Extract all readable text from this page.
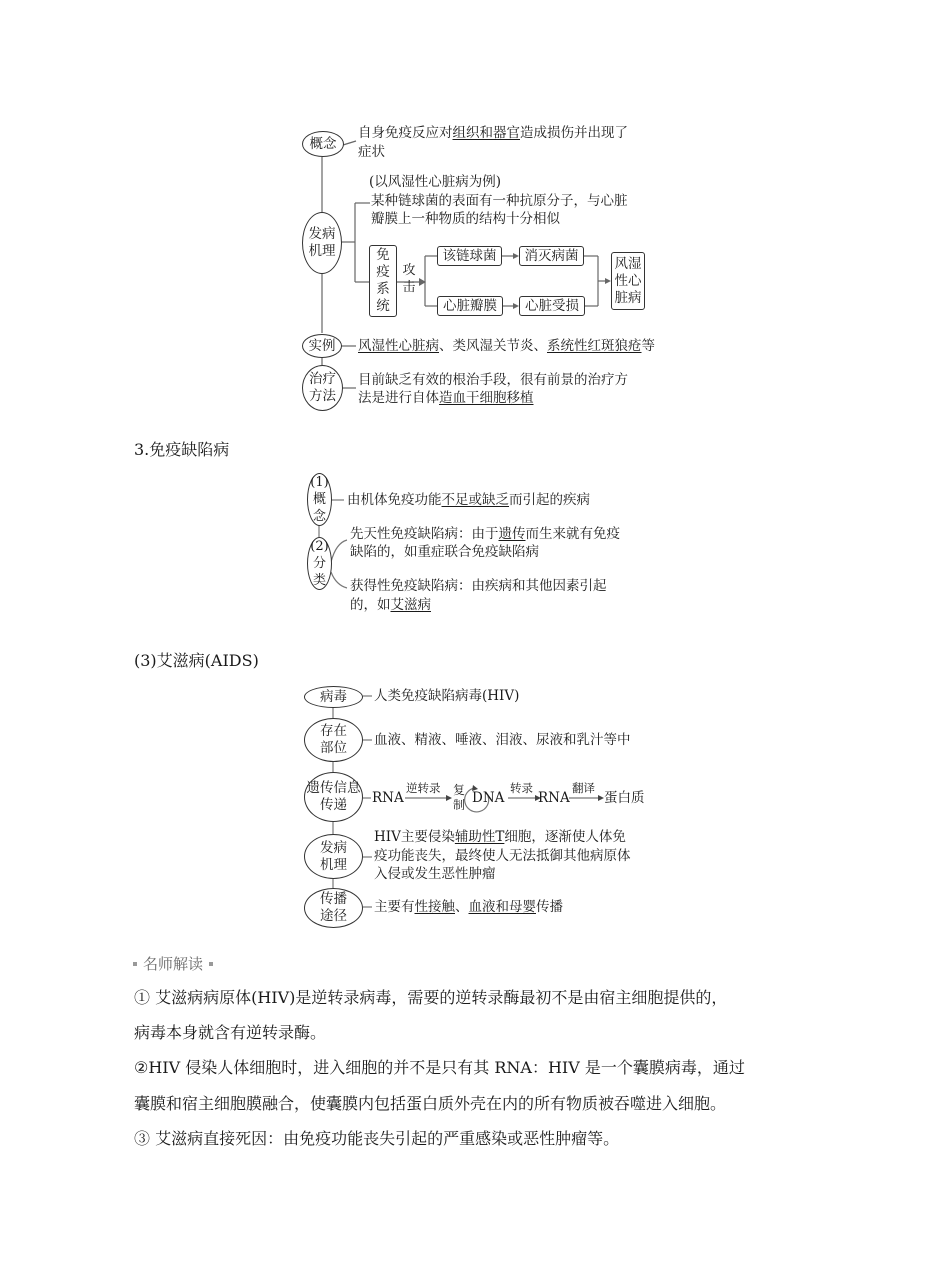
概念
自身免疫反应对组织和器官造成损伤并出现了
症状
发病机理
(以风湿性心脏病为例)
某种链球菌的表面有一种抗原分子，与心脏
瓣膜上一种物质的结构十分相似
免疫系统
攻击
该链球菌 消灭病菌
心脏瓣膜 心脏受损
风湿性心脏病
实例 风湿性心脏病、类风湿关节炎、系统性红斑狼疮等
治疗方法
目前缺乏有效的根治手段，很有前景的治疗方
法是进行自体造血干细胞移植
3.免疫缺陷病
(1)概念
由机体免疫功能不足或缺乏而引起的疾病
(2)分类
先天性免疫缺陷病：由于遗传而生来就有免疫
缺陷的，如重症联合免疫缺陷病
获得性免疫缺陷病：由疾病和其他因素引起
的，如艾滋病
(3)艾滋病(AIDS)
病毒 人类免疫缺陷病毒(HIV)
存在部位 血液、精液、唾液、泪液、尿液和乳汁等中
遗传信息传递	RNA
逆转录 复制 DNA
转录
RNA
翻译
蛋白质
发病机理
HIV主要侵染辅助性T细胞，逐渐使人体免
疫功能丧失，最终使人无法抵御其他病原体
入侵或发生恶性肿瘤
传播途径
主要有性接触、血液和母婴传播
名师解读
① 艾滋病病原体(HIV)是逆转录病毒，需要的逆转录酶最初不是由宿主细胞提供的，
病毒本身就含有逆转录酶。
②HIV 侵染人体细胞时，进入细胞的并不是只有其 RNA：HIV 是一个囊膜病毒，通过
囊膜和宿主细胞膜融合，使囊膜内包括蛋白质外壳在内的所有物质被吞噬进入细胞。
③ 艾滋病直接死因：由免疫功能丧失引起的严重感染或恶性肿瘤等。
